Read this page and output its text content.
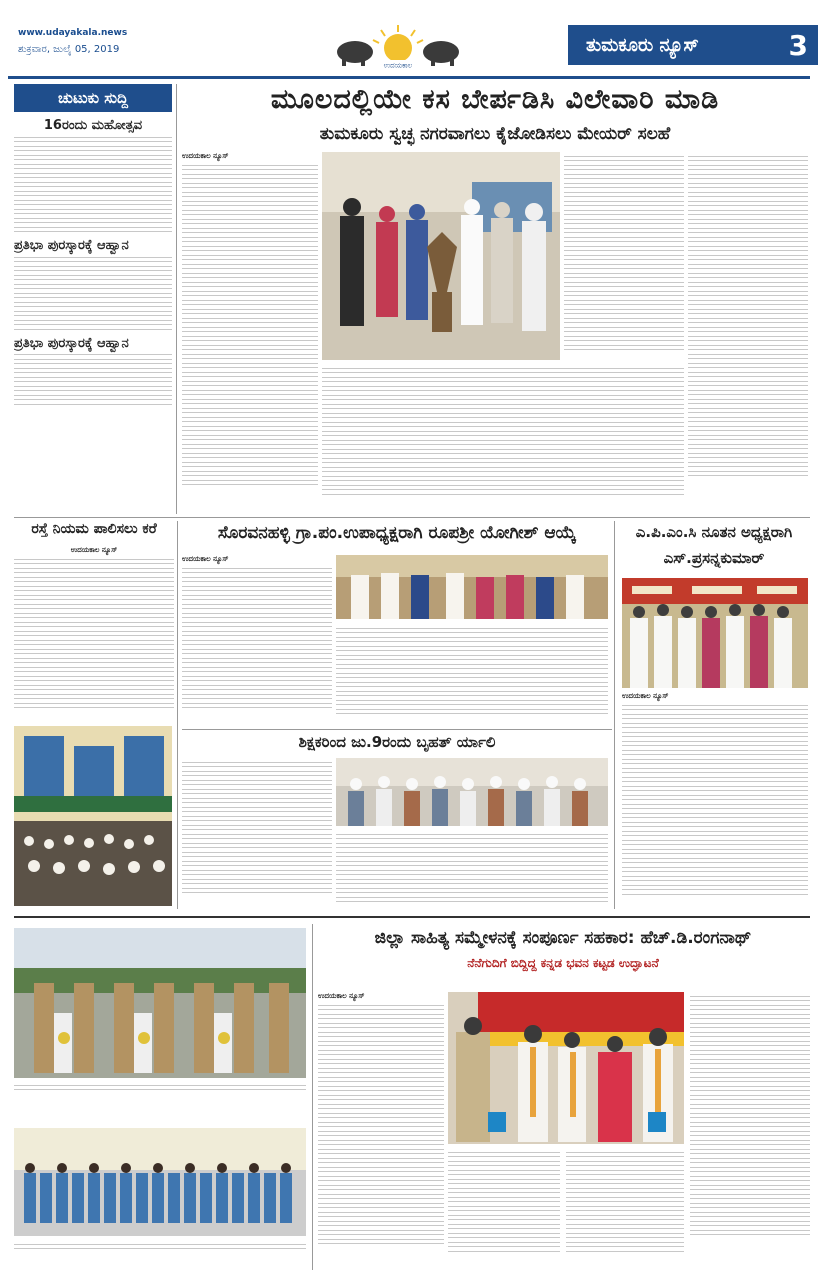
www.udayakala.news
ಶುಕ್ರವಾರ, ಜುಲೈ 05, 2019
ಉದಯಕಾಲ
ತುಮಕೂರು ನ್ಯೂಸ್	3
ಚುಟುಕು ಸುದ್ದಿ
16ರಂದು ಮಹೋತ್ಸವ
ಪ್ರತಿಭಾ ಪುರಸ್ಕಾರಕ್ಕೆ ಆಹ್ವಾನ
ಪ್ರತಿಭಾ ಪುರಸ್ಕಾರಕ್ಕೆ ಆಹ್ವಾನ
ಮೂಲದಲ್ಲಿಯೇ ಕಸ ಬೇರ್ಪಡಿಸಿ ವಿಲೇವಾರಿ ಮಾಡಿ
ತುಮಕೂರು ಸ್ವಚ್ಛ ನಗರವಾಗಲು ಕೈಜೋಡಿಸಲು ಮೇಯರ್ ಸಲಹೆ
ಉದಯಕಾಲ ನ್ಯೂಸ್
ರಸ್ತೆ ನಿಯಮ ಪಾಲಿಸಲು ಕರೆ
ಉದಯಕಾಲ ನ್ಯೂಸ್
ಸೊರವನಹಳ್ಳಿ ಗ್ರಾ.ಪಂ.ಉಪಾಧ್ಯಕ್ಷರಾಗಿ ರೂಪಶ್ರೀ ಯೋಗೀಶ್ ಆಯ್ಕೆ
ಉದಯಕಾಲ ನ್ಯೂಸ್
ಶಿಕ್ಷಕರಿಂದ ಜು.9ರಂದು ಬೃಹತ್ ರ್ಯಾಲಿ
ಎ.ಪಿ.ಎಂ.ಸಿ ನೂತನ ಅಧ್ಯಕ್ಷರಾಗಿ
ಎಸ್.ಪ್ರಸನ್ನಕುಮಾರ್
ಉದಯಕಾಲ ನ್ಯೂಸ್
ಜಿಲ್ಲಾ ಸಾಹಿತ್ಯ ಸಮ್ಮೇಳನಕ್ಕೆ ಸಂಪೂರ್ಣ ಸಹಕಾರ: ಹೆಚ್.ಡಿ.ರಂಗನಾಥ್
ನೆನೆಗುದಿಗೆ ಬಿದ್ದಿದ್ದ ಕನ್ನಡ ಭವನ ಕಟ್ಟಡ ಉದ್ಘಾಟನೆ
ಉದಯಕಾಲ ನ್ಯೂಸ್
